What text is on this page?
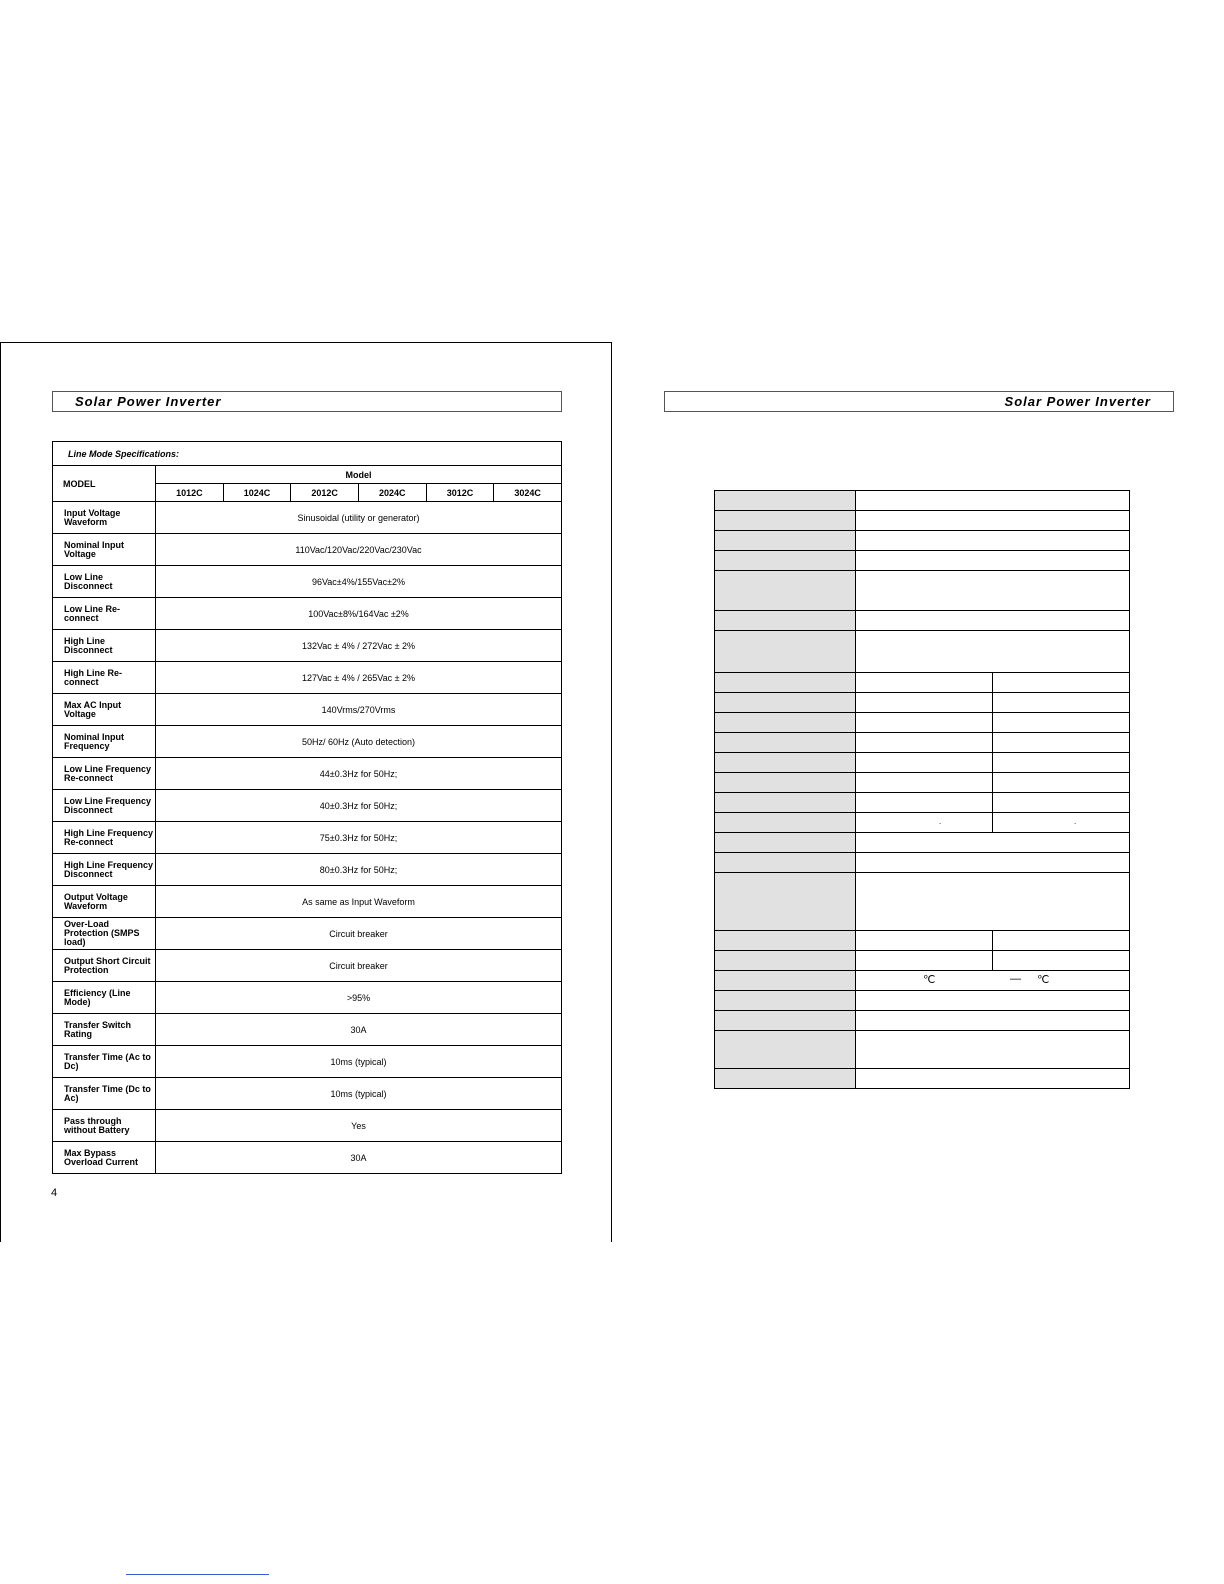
Solar Power Inverter	Solar Power Inverter
Line Mode Specifications:						
MODEL	Model					
	1012C	1024C	2012C	2024C	3012C	3024C
Input Voltage Waveform	Sinusoidal (utility or generator)					
Nominal Input Voltage	110Vac/120Vac/220Vac/230Vac					
Low Line Disconnect	96Vac±4%/155Vac±2%					
Low Line Re-connect	100Vac±8%/164Vac ±2%					
High Line Disconnect	132Vac ± 4% / 272Vac ± 2%					
High Line Re-connect	127Vac ± 4% / 265Vac ± 2%					
Max AC Input Voltage	140Vrms/270Vrms					
Nominal Input Frequency	50Hz/ 60Hz (Auto detection)					
Low Line Frequency Re-connect	44±0.3Hz for 50Hz;					
Low Line Frequency Disconnect	40±0.3Hz for 50Hz;					
High Line Frequency Re-connect	75±0.3Hz for 50Hz;					
High Line Frequency Disconnect	80±0.3Hz for 50Hz;					
Output Voltage Waveform	As same as Input Waveform					
Over-Load Protection (SMPS load)	Circuit breaker					
Output Short Circuit Protection	Circuit breaker					
Efficiency (Line Mode)	>95%					
Transfer Switch Rating	30A					
Transfer Time (Ac to Dc)	10ms (typical)					
Transfer Time (Dc to Ac)	10ms (typical)					
Pass through without Battery	Yes					
Max Bypass Overload Current	30A					
4
.	.
℃	— ℃
